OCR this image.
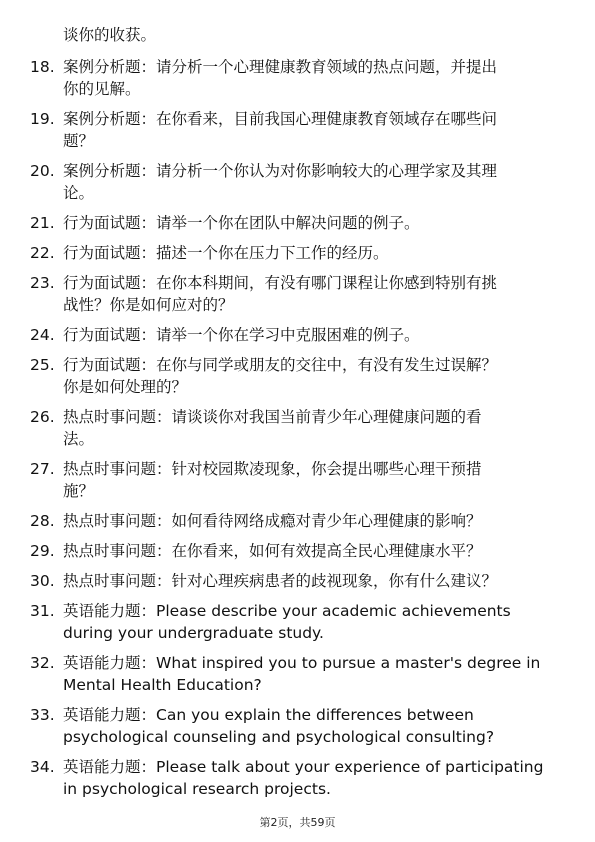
谈你的收获。
18. 案例分析题：请分析一个心理健康教育领域的热点问题，并提出
你的见解。
19. 案例分析题：在你看来，目前我国心理健康教育领域存在哪些问
题？
20. 案例分析题：请分析一个你认为对你影响较大的心理学家及其理
论。
21. 行为面试题：请举一个你在团队中解决问题的例子。
22. 行为面试题：描述一个你在压力下工作的经历。
23. 行为面试题：在你本科期间，有没有哪门课程让你感到特别有挑
战性？你是如何应对的？
24. 行为面试题：请举一个你在学习中克服困难的例子。
25. 行为面试题：在你与同学或朋友的交往中，有没有发生过误解？
你是如何处理的？
26. 热点时事问题：请谈谈你对我国当前青少年心理健康问题的看
法。
27. 热点时事问题：针对校园欺凌现象，你会提出哪些心理干预措
施？
28. 热点时事问题：如何看待网络成瘾对青少年心理健康的影响？
29. 热点时事问题：在你看来，如何有效提高全民心理健康水平？
30. 热点时事问题：针对心理疾病患者的歧视现象，你有什么建议？
31. 英语能力题：Please describe your academic achievements
during your undergraduate study.
32. 英语能力题：What inspired you to pursue a master's degree in
Mental Health Education?
33. 英语能力题：Can you explain the differences between
psychological counseling and psychological consulting?
34. 英语能力题：Please talk about your experience of participating
in psychological research projects.
第2页，共59页
